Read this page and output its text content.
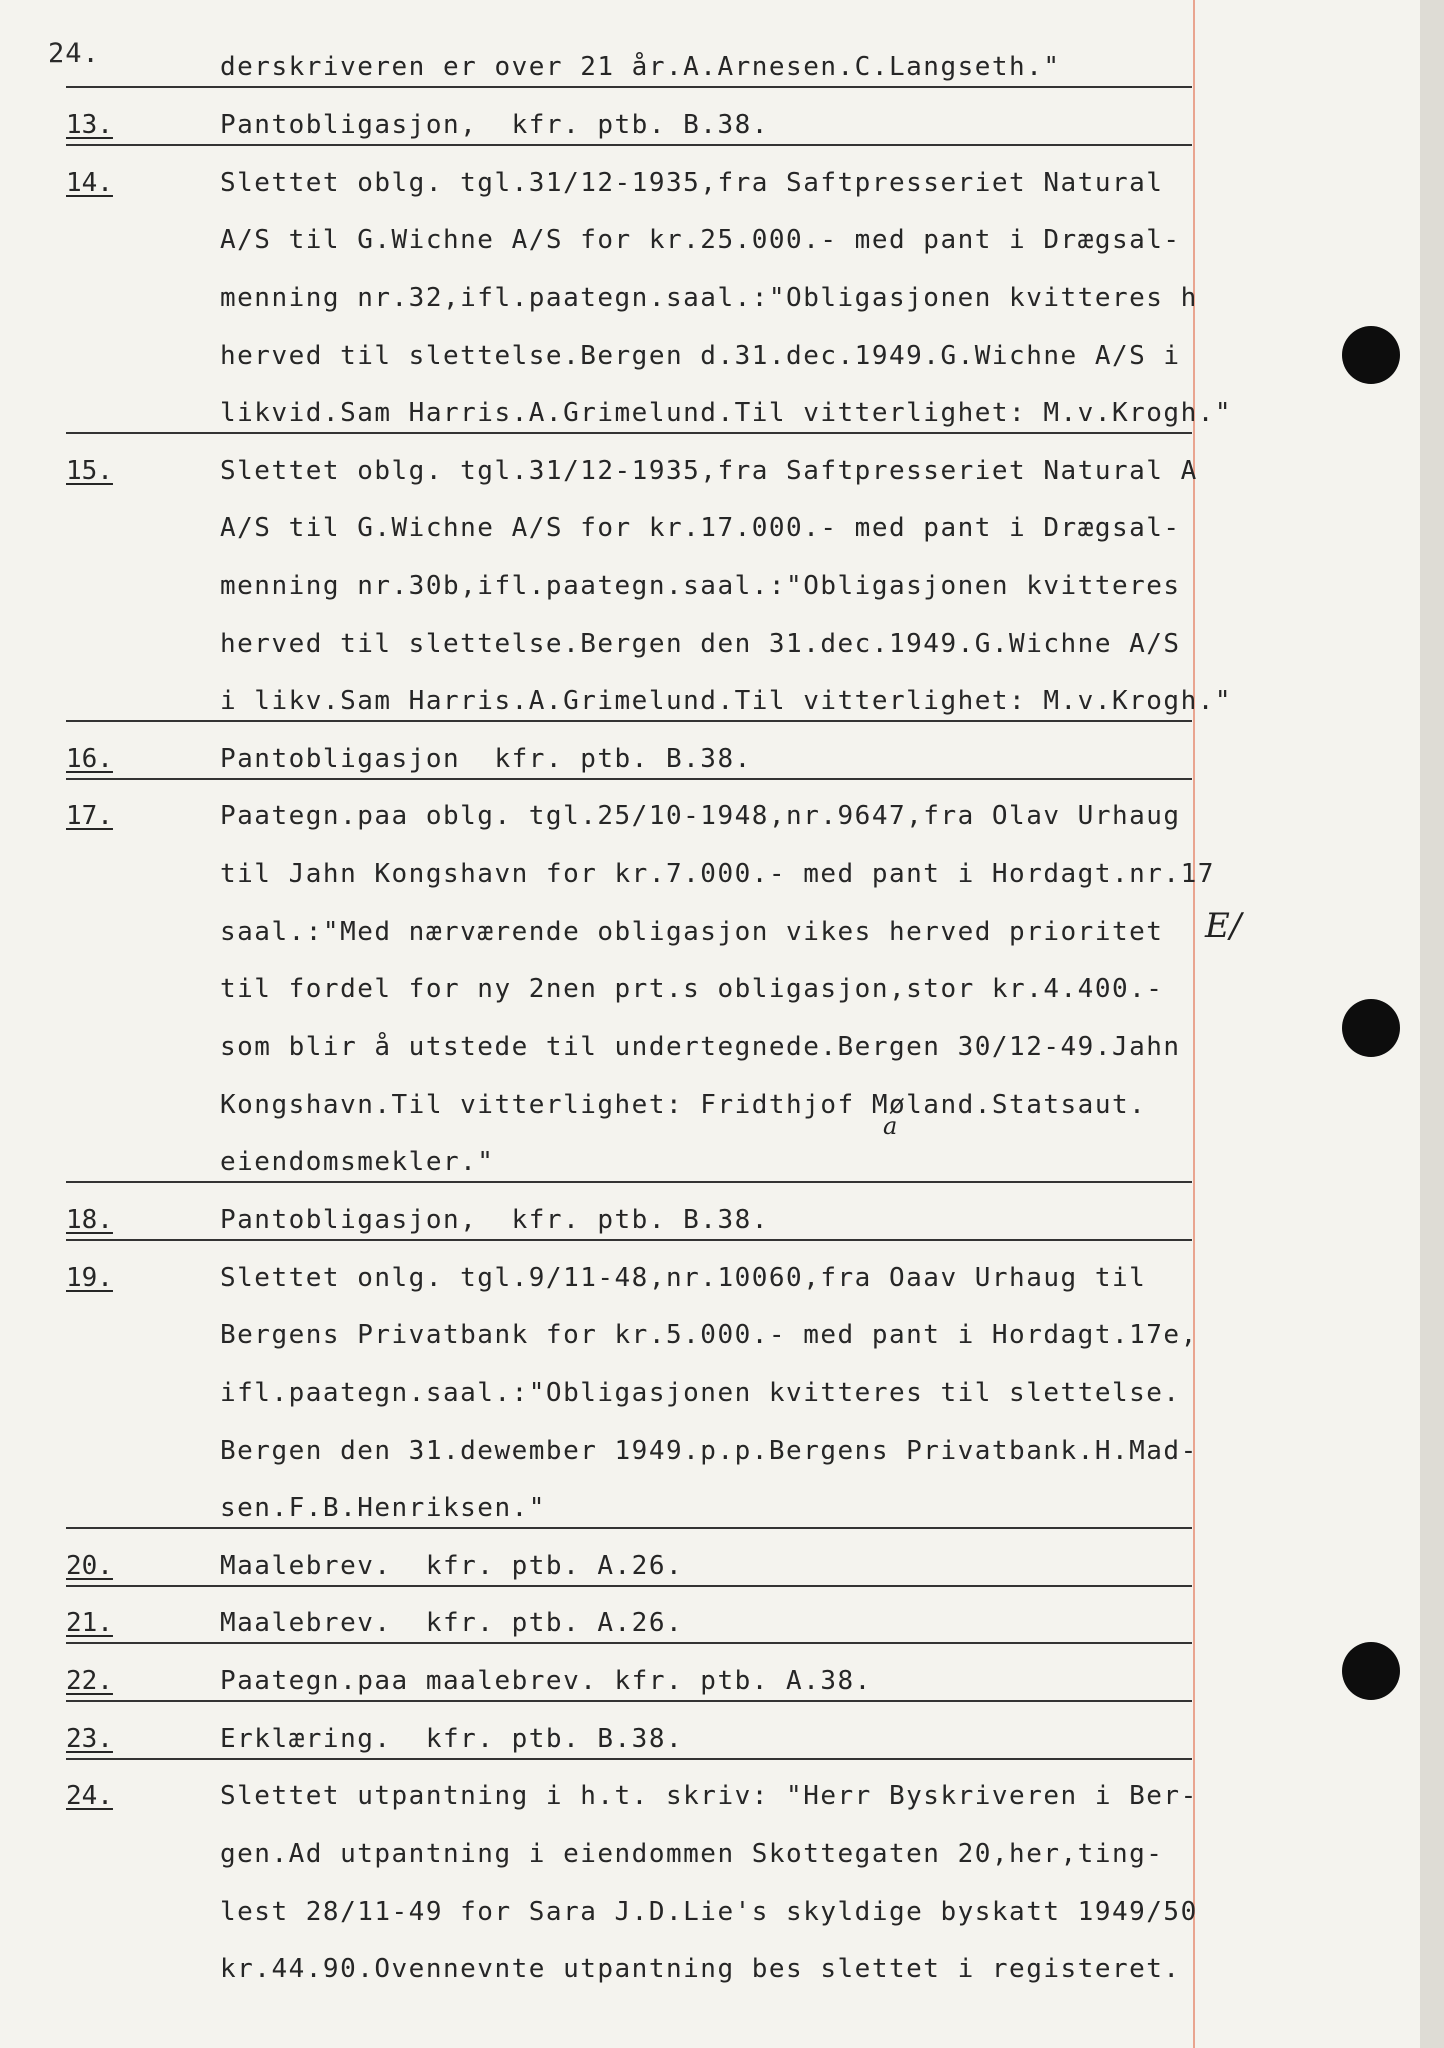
24.	derskriveren er over 21 år.A.Arnesen.C.Langseth."
13.	Pantobligasjon,  kfr. ptb. B.38.
14.	Slettet oblg. tgl.31/12-1935,fra Saftpresseriet Natural
A/S til G.Wichne A/S for kr.25.000.- med pant i Drægsal-
menning nr.32,ifl.paategn.saal.:"Obligasjonen kvitteres h
herved til slettelse.Bergen d.31.dec.1949.G.Wichne A/S i
likvid.Sam Harris.A.Grimelund.Til vitterlighet: M.v.Krogh."
15.	Slettet oblg. tgl.31/12-1935,fra Saftpresseriet Natural A
A/S til G.Wichne A/S for kr.17.000.- med pant i Drægsal-
menning nr.30b,ifl.paategn.saal.:"Obligasjonen kvitteres
herved til slettelse.Bergen den 31.dec.1949.G.Wichne A/S
i likv.Sam Harris.A.Grimelund.Til vitterlighet: M.v.Krogh."
16.	Pantobligasjon  kfr. ptb. B.38.
17.	Paategn.paa oblg. tgl.25/10-1948,nr.9647,fra Olav Urhaug
til Jahn Kongshavn for kr.7.000.- med pant i Hordagt.nr.17
saal.:"Med nærværende obligasjon vikes herved prioritet
til fordel for ny 2nen prt.s obligasjon,stor kr.4.400.-
som blir å utstede til undertegnede.Bergen 30/12-49.Jahn
Kongshavn.Til vitterlighet: Fridthjof Møland.Statsaut.
eiendomsmekler."
18.	Pantobligasjon,  kfr. ptb. B.38.
19.	Slettet onlg. tgl.9/11-48,nr.10060,fra Oaav Urhaug til
Bergens Privatbank for kr.5.000.- med pant i Hordagt.17e,
ifl.paategn.saal.:"Obligasjonen kvitteres til slettelse.
Bergen den 31.dewember 1949.p.p.Bergens Privatbank.H.Mad-
sen.F.B.Henriksen."
20.	Maalebrev.  kfr. ptb. A.26.
21.	Maalebrev.  kfr. ptb. A.26.
22.	Paategn.paa maalebrev. kfr. ptb. A.38.
23.	Erklæring.  kfr. ptb. B.38.
24.	Slettet utpantning i h.t. skriv: "Herr Byskriveren i Ber-
gen.Ad utpantning i eiendommen Skottegaten 20,her,ting-
lest 28/11-49 for Sara J.D.Lie's skyldige byskatt 1949/50
kr.44.90.Ovennevnte utpantning bes slettet i registeret.
E/
a
